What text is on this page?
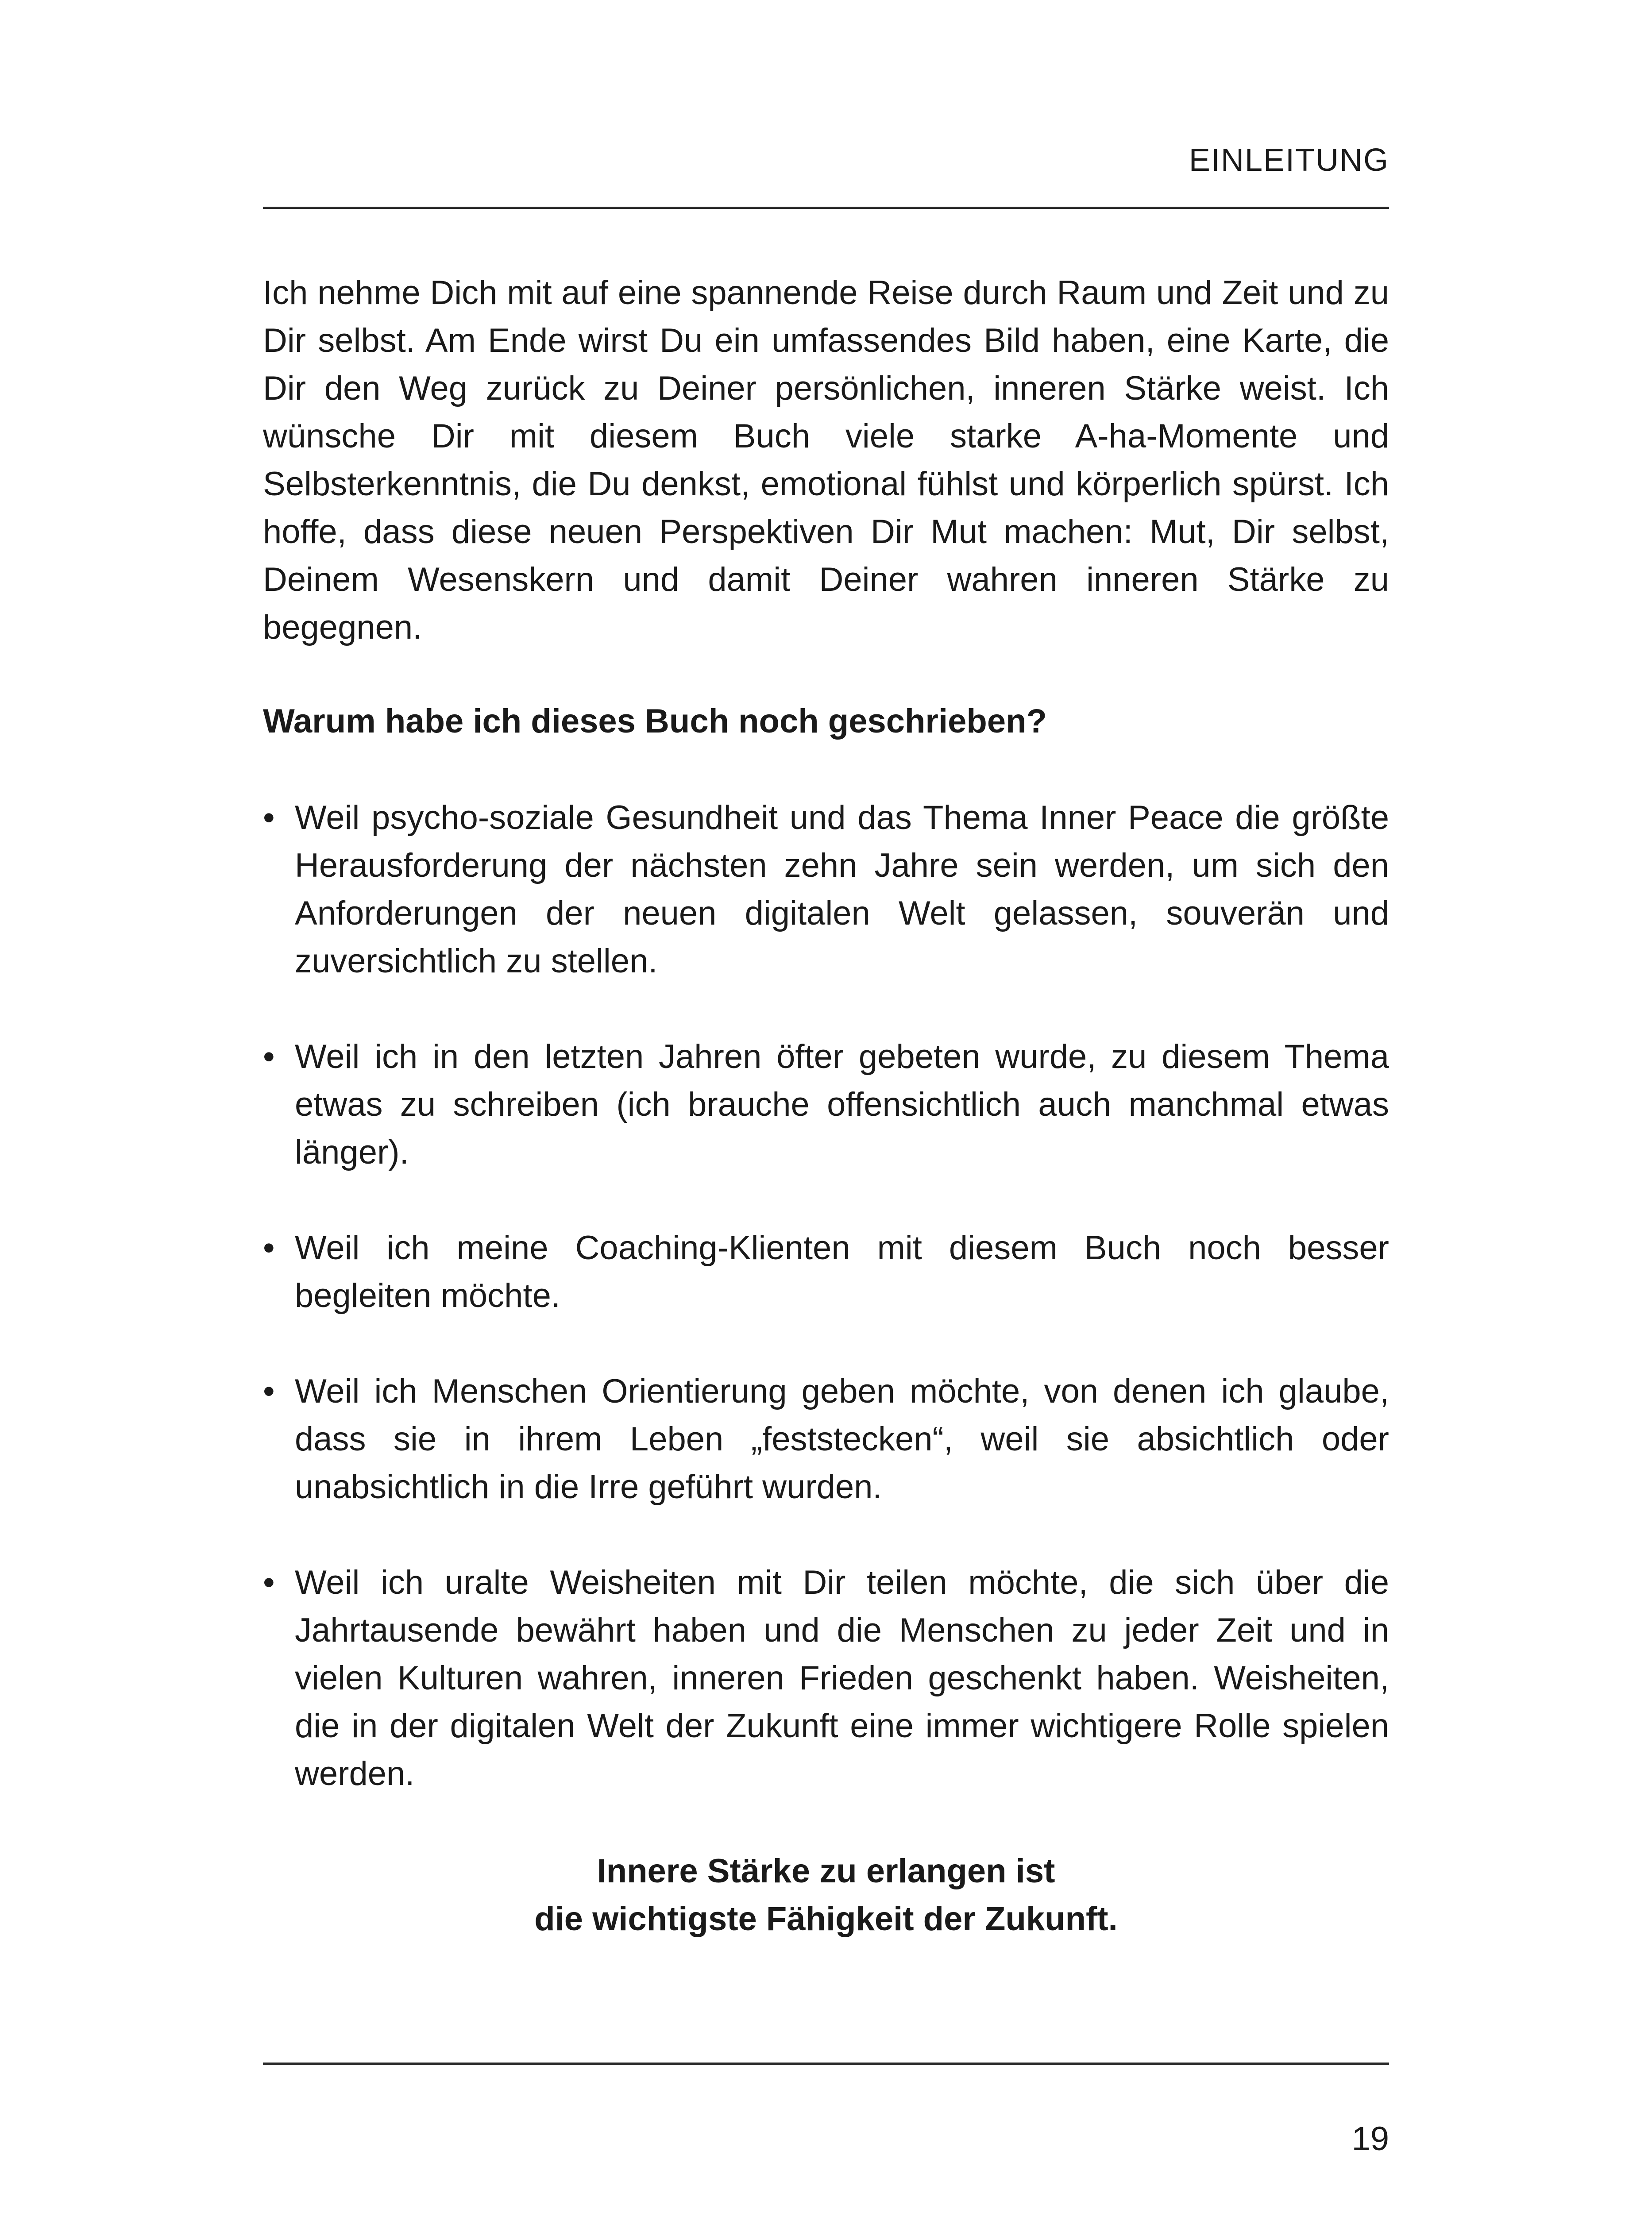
EINLEITUNG

Ich nehme Dich mit auf eine spannende Reise durch Raum und Zeit und zu Dir selbst. Am Ende wirst Du ein umfassendes Bild haben, eine Karte, die Dir den Weg zurück zu Deiner persönlichen, inneren Stärke weist. Ich wünsche Dir mit diesem Buch viele starke A-ha-Momente und Selbsterkenntnis, die Du denkst, emotional fühlst und körperlich spürst. Ich hoffe, dass diese neuen Perspektiven Dir Mut machen: Mut, Dir selbst, Deinem Wesenskern und damit Deiner wahren inneren Stärke zu begegnen.

Warum habe ich dieses Buch noch geschrieben?
• Weil psycho-soziale Gesundheit und das Thema Inner Peace die größte Herausforderung der nächsten zehn Jahre sein werden, um sich den Anforderungen der neuen digitalen Welt gelassen, souverän und zuversichtlich zu stellen.
• Weil ich in den letzten Jahren öfter gebeten wurde, zu diesem Thema etwas zu schreiben (ich brauche offensichtlich auch manchmal etwas länger).
• Weil ich meine Coaching-Klienten mit diesem Buch noch besser begleiten möchte.
• Weil ich Menschen Orientierung geben möchte, von denen ich glaube, dass sie in ihrem Leben „feststecken“, weil sie absichtlich oder unabsichtlich in die Irre geführt wurden.
• Weil ich uralte Weisheiten mit Dir teilen möchte, die sich über die Jahrtausende bewährt haben und die Menschen zu jeder Zeit und in vielen Kulturen wahren, inneren Frieden geschenkt haben. Weisheiten, die in der digitalen Welt der Zukunft eine immer wichtigere Rolle spielen werden.
Innere Stärke zu erlangen ist
die wichtigste Fähigkeit der Zukunft.
19
